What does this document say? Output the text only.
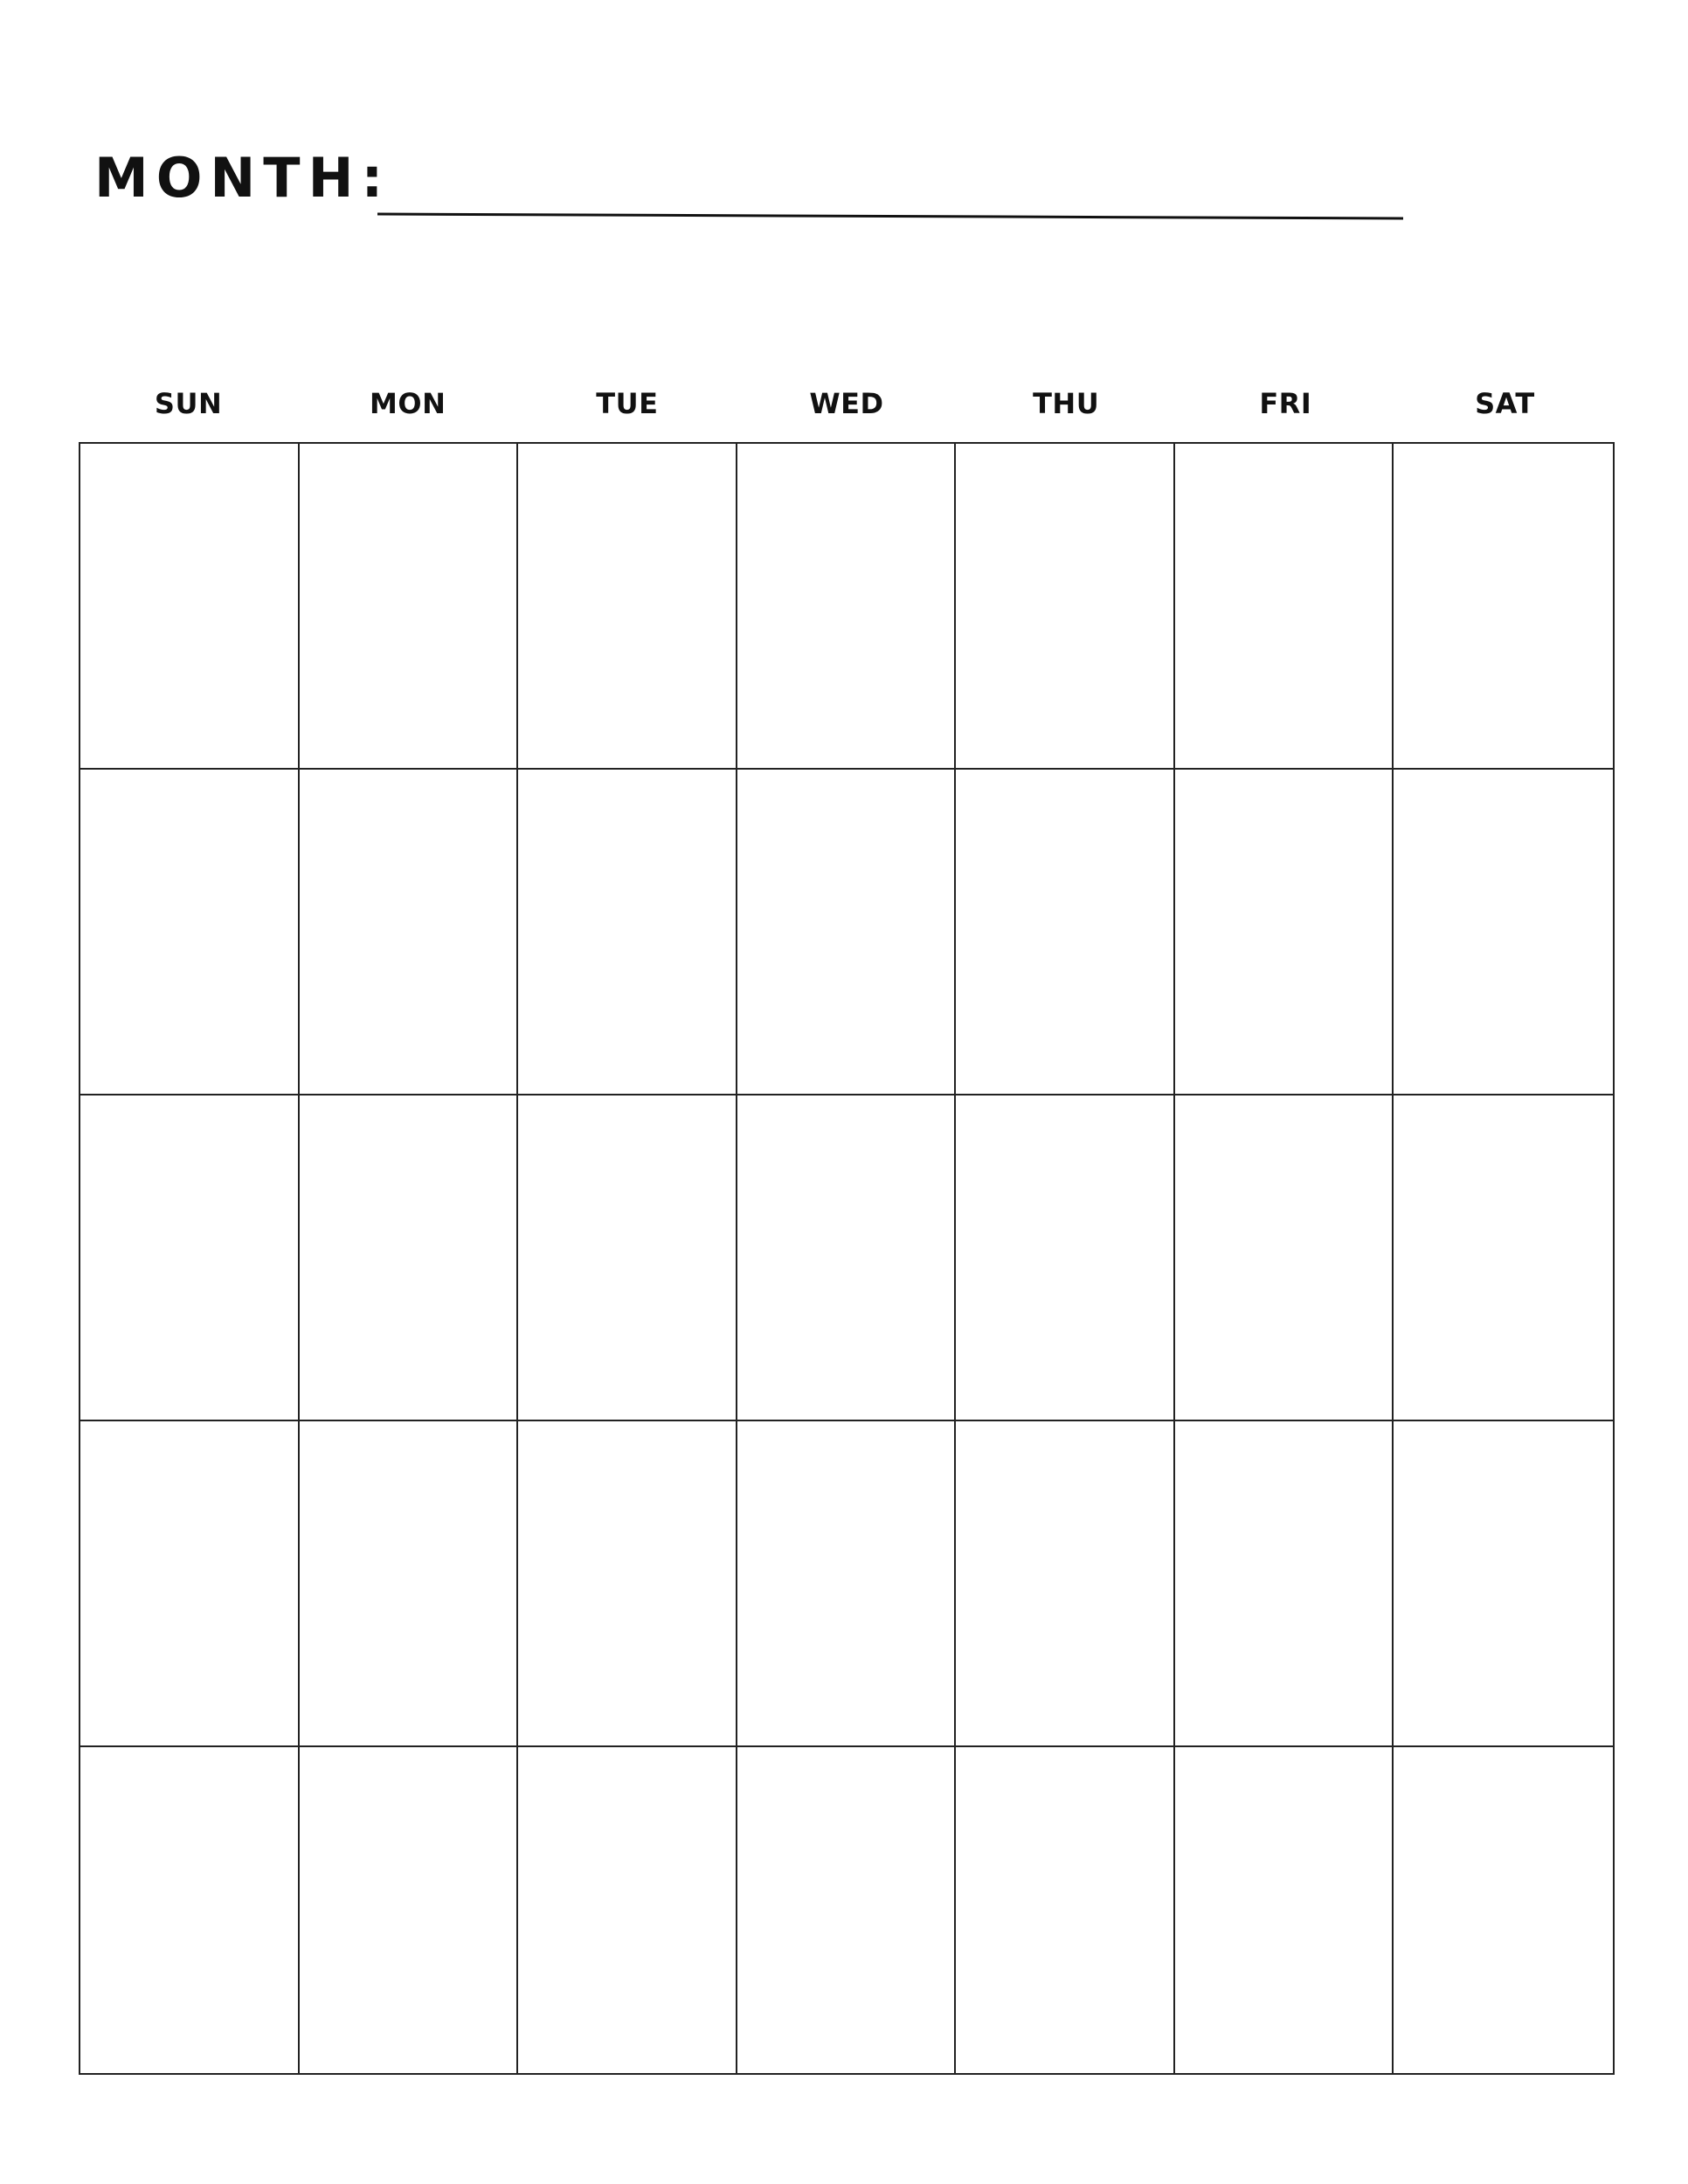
MONTH:
SUN	MON	TUE	WED	THU	FRI	SAT
